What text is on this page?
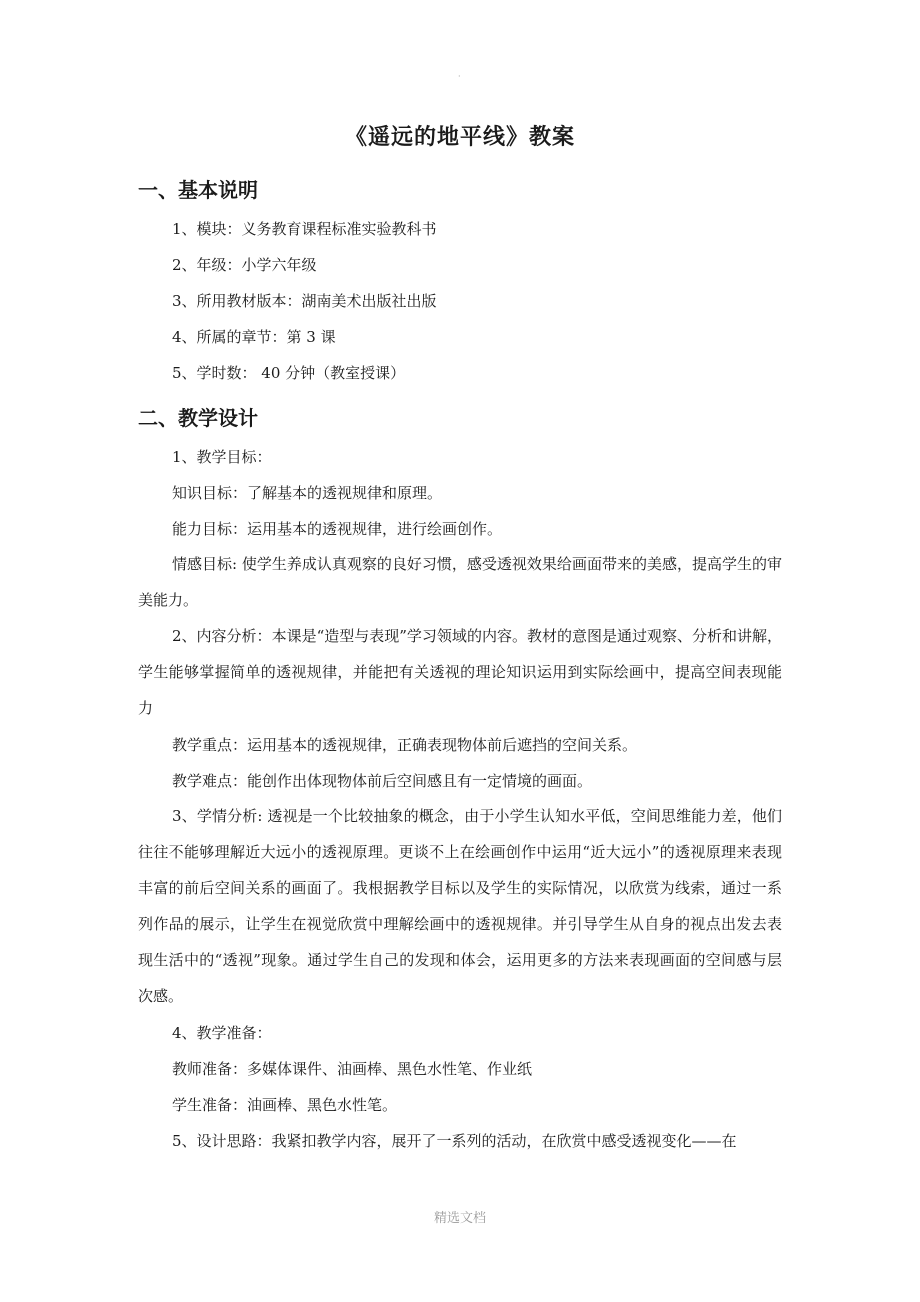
·
《遥远的地平线》教案
一、基本说明
1、模块：义务教育课程标准实验教科书
2、年级：小学六年级
3、所用教材版本：湖南美术出版社出版
4、所属的章节：第 3 课
5、学时数： 40 分钟（教室授课）
二、教学设计
1、教学目标：
知识目标：了解基本的透视规律和原理。
能力目标：运用基本的透视规律，进行绘画创作。
情感目标: 使学生养成认真观察的良好习惯，感受透视效果给画面带来的美感，提高学生的审美能力。
2、内容分析：本课是“造型与表现”学习领域的内容。教材的意图是通过观察、分析和讲解，学生能够掌握简单的透视规律，并能把有关透视的理论知识运用到实际绘画中，提高空间表现能力
教学重点：运用基本的透视规律，正确表现物体前后遮挡的空间关系。
教学难点：能创作出体现物体前后空间感且有一定情境的画面。
3、学情分析: 透视是一个比较抽象的概念，由于小学生认知水平低，空间思维能力差，他们往往不能够理解近大远小的透视原理。更谈不上在绘画创作中运用“近大远小”的透视原理来表现丰富的前后空间关系的画面了。我根据教学目标以及学生的实际情况，以欣赏为线索，通过一系列作品的展示，让学生在视觉欣赏中理解绘画中的透视规律。并引导学生从自身的视点出发去表现生活中的“透视”现象。通过学生自己的发现和体会，运用更多的方法来表现画面的空间感与层次感。
4、教学准备：
教师准备：多媒体课件、油画棒、黑色水性笔、作业纸
学生准备：油画棒、黑色水性笔。
5、设计思路：我紧扣教学内容，展开了一系列的活动，在欣赏中感受透视变化——在
精选文档
